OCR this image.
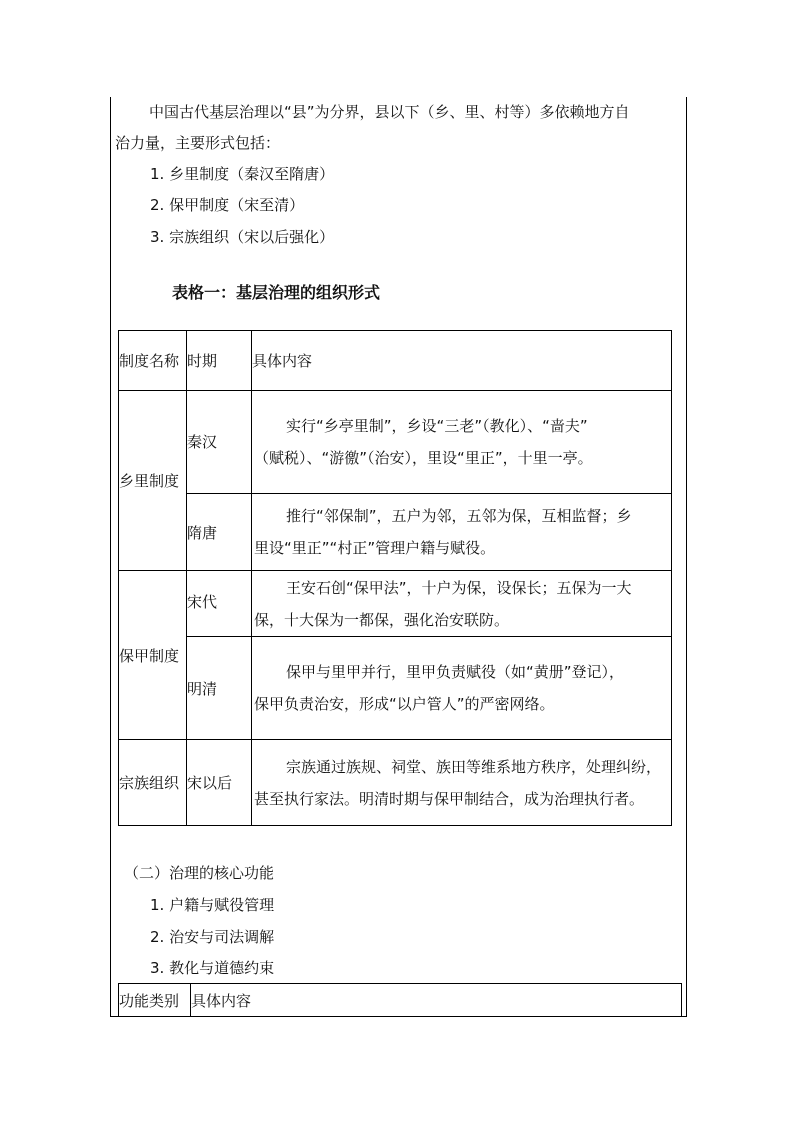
中国古代基层治理以“县”为分界，县以下（乡、里、村等）多依赖地方自
治力量，主要形式包括：
1. 乡里制度（秦汉至隋唐）
2. 保甲制度（宋至清）
3. 宗族组织（宋以后强化）
表格一：基层治理的组织形式
制度名称	时期	具体内容
乡里制度	秦汉	实行“乡亭里制”，乡设“三老”（教化）、“啬夫”
（赋税）、“游徼”（治安），里设“里正”，十里一亭。

	隋唐	推行“邻保制”，五户为邻，五邻为保，互相监督；乡
里设“里正”“村正”管理户籍与赋役。

保甲制度	宋代	王安石创“保甲法”，十户为保，设保长；五保为一大
保，十大保为一都保，强化治安联防。

	明清	保甲与里甲并行，里甲负责赋役（如“黄册”登记），
保甲负责治安，形成“以户管人”的严密网络。

宗族组织	宋以后	宗族通过族规、祠堂、族田等维系地方秩序，处理纠纷，
甚至执行家法。明清时期与保甲制结合，成为治理执行者。
（二）治理的核心功能
1. 户籍与赋役管理
2. 治安与司法调解
3. 教化与道德约束
功能类别	具体内容
